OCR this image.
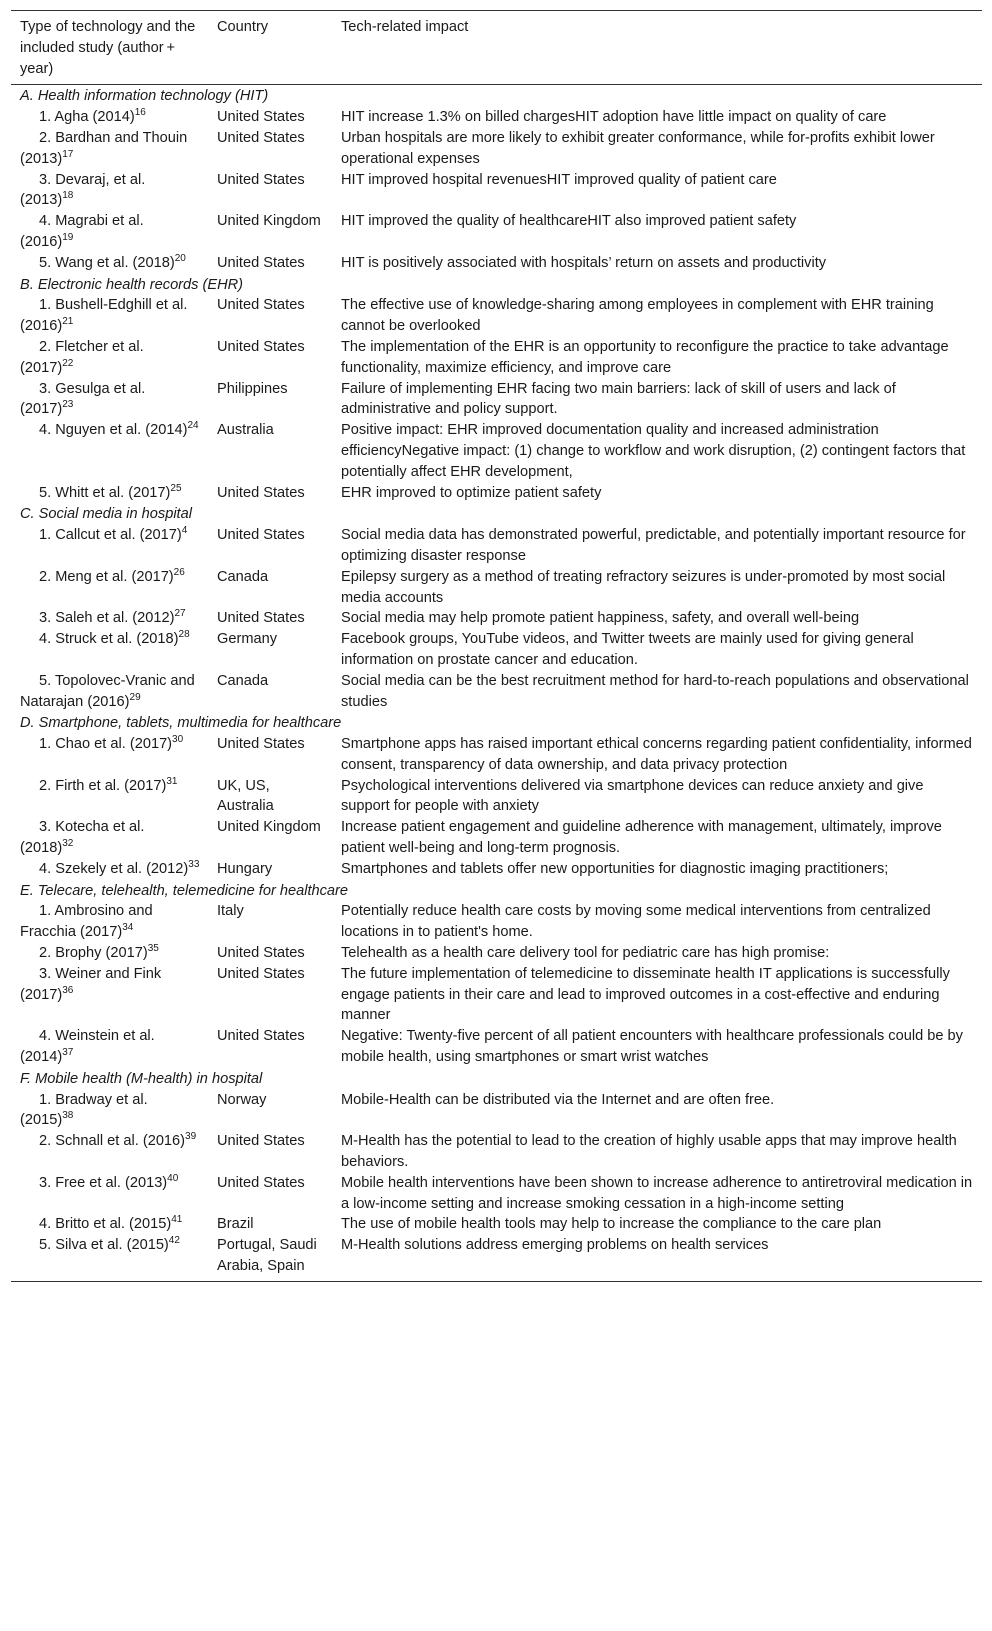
Type of technology and the included study (author + year)	Country	Tech-related impact
A. Health information technology (HIT)		
1. Agha $(2014)^{16}$	United States	HIT increase 1.3% on billed chargesHIT adoption have little impact on quality of care
2. Bardhan and Thouin $(2013)^{17}$	United States	Urban hospitals are more likely to exhibit greater conformance, while for-profits exhibit lower operational expenses
3. Devaraj, et al. $(2013)^{18}$	United States	HIT improved hospital revenuesHIT improved quality of patient care
4. Magrabi et al. $(2016)^{19}$	United Kingdom	HIT improved the quality of healthcareHIT also improved patient safety
5. Wang et al. $(2018)^{20}$	United States	HIT is positively associated with hospitals’ return on assets and productivity
B. Electronic health records (EHR)		
1. Bushell-Edghill et al. $(2016)^{21}$	United States	The effective use of knowledge-sharing among employees in complement with EHR training cannot be overlooked
2. Fletcher et al. $(2017)^{22}$	United States	The implementation of the EHR is an opportunity to reconfigure the practice to take advantage functionality, maximize efficiency, and improve care
3. Gesulga et al. $(2017)^{23}$	Philippines	Failure of implementing EHR facing two main barriers: lack of skill of users and lack of administrative and policy support.
4. Nguyen et al. $(2014)^{24}$	Australia	Positive impact: EHR improved documentation quality and increased administration efficiencyNegative impact: (1) change to workflow and work disruption, (2) contingent factors that potentially affect EHR development,
5. Whitt et al. $(2017)^{25}$	United States	EHR improved to optimize patient safety
C. Social media in hospital		
1. Callcut et al. $(2017)^4$	United States	Social media data has demonstrated powerful, predictable, and potentially important resource for optimizing disaster response
2. Meng et al. $(2017)^{26}$	Canada	Epilepsy surgery as a method of treating refractory seizures is under-promoted by most social media accounts
3. Saleh et al. $(2012)^{27}$	United States	Social media may help promote patient happiness, safety, and overall well-being
4. Struck et al. $(2018)^{28}$	Germany	Facebook groups, YouTube videos, and Twitter tweets are mainly used for giving general information on prostate cancer and education.
5. Topolovec-Vranic and Natarajan $(2016)^{29}$	Canada	Social media can be the best recruitment method for hard-to-reach populations and observational studies
D. Smartphone, tablets, multimedia for healthcare		
1. Chao et al. $(2017)^{30}$	United States	Smartphone apps has raised important ethical concerns regarding patient confidentiality, informed consent, transparency of data ownership, and data privacy protection
2. Firth et al. $(2017)^{31}$	UK, US, Australia	Psychological interventions delivered via smartphone devices can reduce anxiety and give support for people with anxiety
3. Kotecha et al. $(2018)^{32}$	United Kingdom	Increase patient engagement and guideline adherence with management, ultimately, improve patient well-being and long-term prognosis.
4. Szekely et al. $(2012)^{33}$	Hungary	Smartphones and tablets offer new opportunities for diagnostic imaging practitioners;
E. Telecare, telehealth, telemedicine for healthcare		
1. Ambrosino and Fracchia $(2017)^{34}$	Italy	Potentially reduce health care costs by moving some medical interventions from centralized locations in to patient's home.
2. Brophy $(2017)^{35}$	United States	Telehealth as a health care delivery tool for pediatric care has high promise:
3. Weiner and Fink $(2017)^{36}$	United States	The future implementation of telemedicine to disseminate health IT applications is successfully engage patients in their care and lead to improved outcomes in a cost-effective and enduring manner
4. Weinstein et al. $(2014)^{37}$	United States	Negative: Twenty-five percent of all patient encounters with healthcare professionals could be by mobile health, using smartphones or smart wrist watches
F. Mobile health (M-health) in hospital		
1. Bradway et al. $(2015)^{38}$	Norway	Mobile-Health can be distributed via the Internet and are often free.
2. Schnall et al. $(2016)^{39}$	United States	M-Health has the potential to lead to the creation of highly usable apps that may improve health behaviors.
3. Free et al. $(2013)^{40}$	United States	Mobile health interventions have been shown to increase adherence to antiretroviral medication in a low-income setting and increase smoking cessation in a high-income setting
4. Britto et al. $(2015)^{41}$	Brazil	The use of mobile health tools may help to increase the compliance to the care plan
5. Silva et al. $(2015)^{42}$	Portugal, Saudi Arabia, Spain	M-Health solutions address emerging problems on health services
